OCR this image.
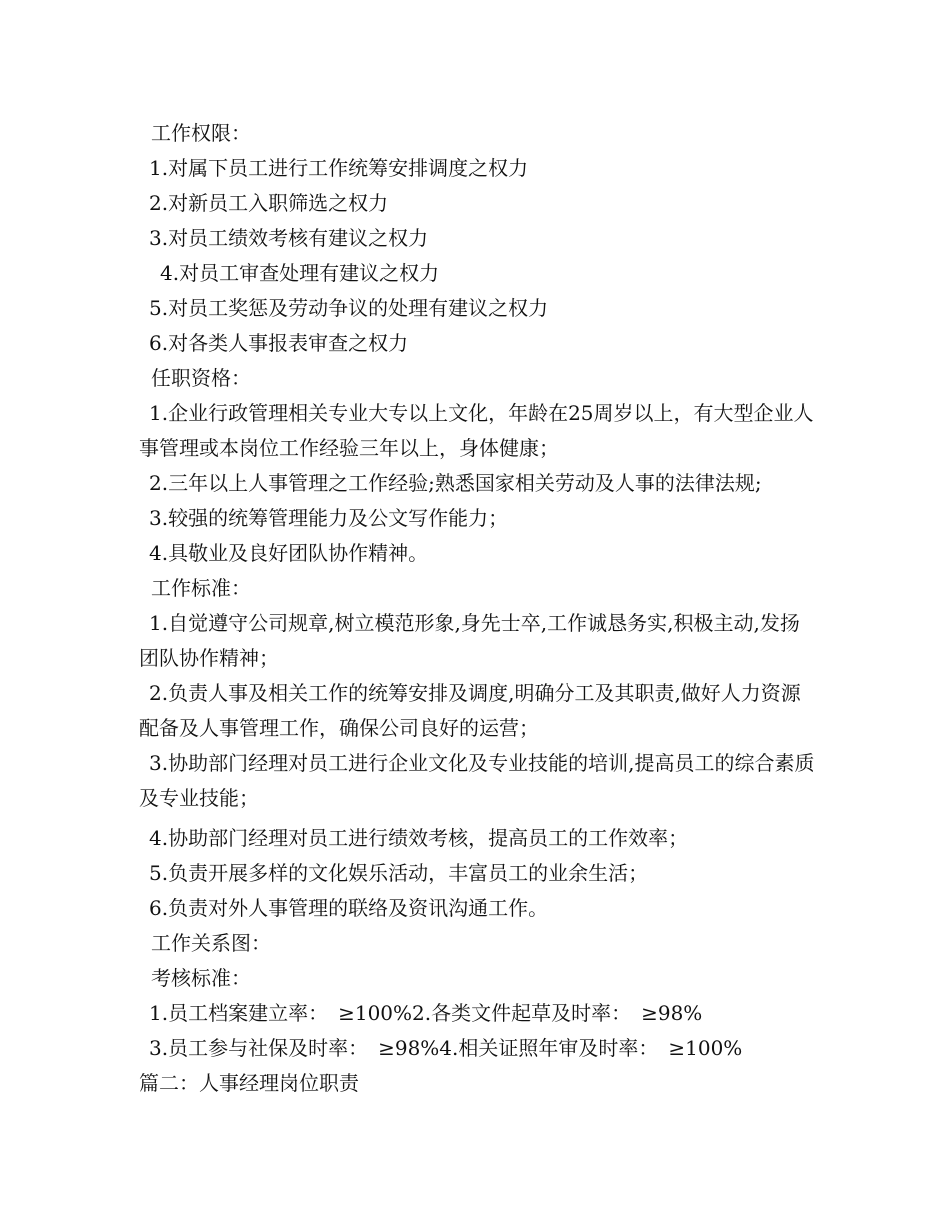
工作权限：
1.对属下员工进行工作统筹安排调度之权力
2.对新员工入职筛选之权力
3.对员工绩效考核有建议之权力
4.对员工审查处理有建议之权力
5.对员工奖惩及劳动争议的处理有建议之权力
6.对各类人事报表审查之权力
任职资格：
1.企业行政管理相关专业大专以上文化，年龄在25周岁以上，有大型企业人事管理或本岗位工作经验三年以上，身体健康；
2.三年以上人事管理之工作经验;熟悉国家相关劳动及人事的法律法规;
3.较强的统筹管理能力及公文写作能力；
4.具敬业及良好团队协作精神。
工作标准：
1.自觉遵守公司规章,树立模范形象,身先士卒,工作诚恳务实,积极主动,发扬团队协作精神；
2.负责人事及相关工作的统筹安排及调度,明确分工及其职责,做好人力资源配备及人事管理工作，确保公司良好的运营；
3.协助部门经理对员工进行企业文化及专业技能的培训,提高员工的综合素质及专业技能；
4.协助部门经理对员工进行绩效考核，提高员工的工作效率；
5.负责开展多样的文化娱乐活动，丰富员工的业余生活；
6.负责对外人事管理的联络及资讯沟通工作。
工作关系图：
考核标准：
1.员工档案建立率：　≥100%2.各类文件起草及时率：　≥98%
3.员工参与社保及时率：　≥98%4.相关证照年审及时率：　≥100%
篇二：人事经理岗位职责
